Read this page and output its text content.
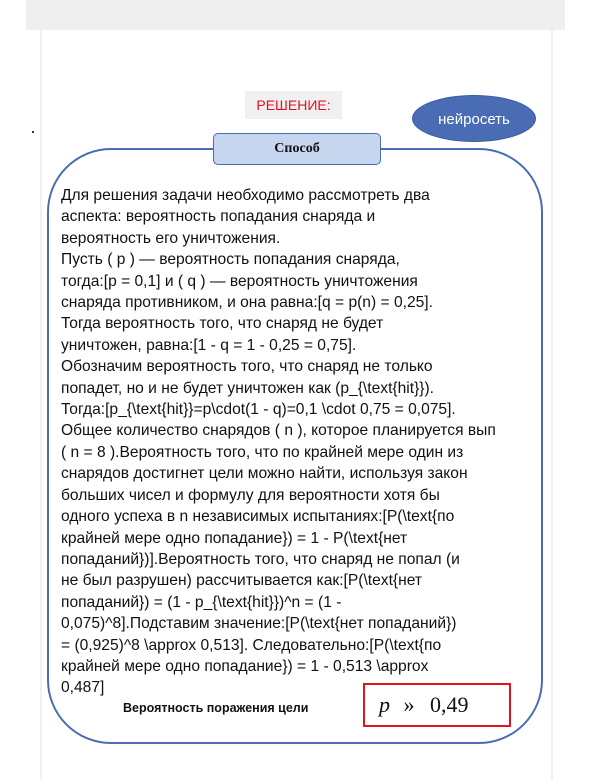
РЕШЕНИЕ:
нейросеть
Способ
Для решения задачи необходимо рассмотреть два
аспекта: вероятность попадания снаряда и
вероятность его уничтожения.
Пусть ( p ) — вероятность попадания снаряда,
тогда:[p = 0,1] и ( q ) — вероятность уничтожения
снаряда противником, и она равна:[q = p(n) = 0,25].
Тогда вероятность того, что снаряд не будет
уничтожен, равна:[1 - q = 1 - 0,25 = 0,75].
Обозначим вероятность того, что снаряд не только
попадет, но и не будет уничтожен как (p_{\text{hit}}).
Тогда:[p_{\text{hit}}=p\cdot(1 - q)=0,1 \cdot 0,75 = 0,075].
Общее количество снарядов ( n ), которое планируется вып
( n = 8 ).Вероятность того, что по крайней мере один из
снарядов достигнет цели можно найти, используя закон
больших чисел и формулу для вероятности хотя бы
одного успеха в n независимых испытаниях:[P(\text{по
крайней мере одно попадание}) = 1 - P(\text{нет
попаданий})].Вероятность того, что снаряд не попал (и
не был разрушен) рассчитывается как:[P(\text{нет
попаданий}) = (1 - p_{\text{hit}})^n = (1 -
0,075)^8].Подставим значение:[P(\text{нет попаданий})
= (0,925)^8 \approx 0,513]. Следовательно:[P(\text{по
крайней мере одно попадание}) = 1 - 0,513 \approx
0,487]
Вероятность поражения цели	p » 0,49
